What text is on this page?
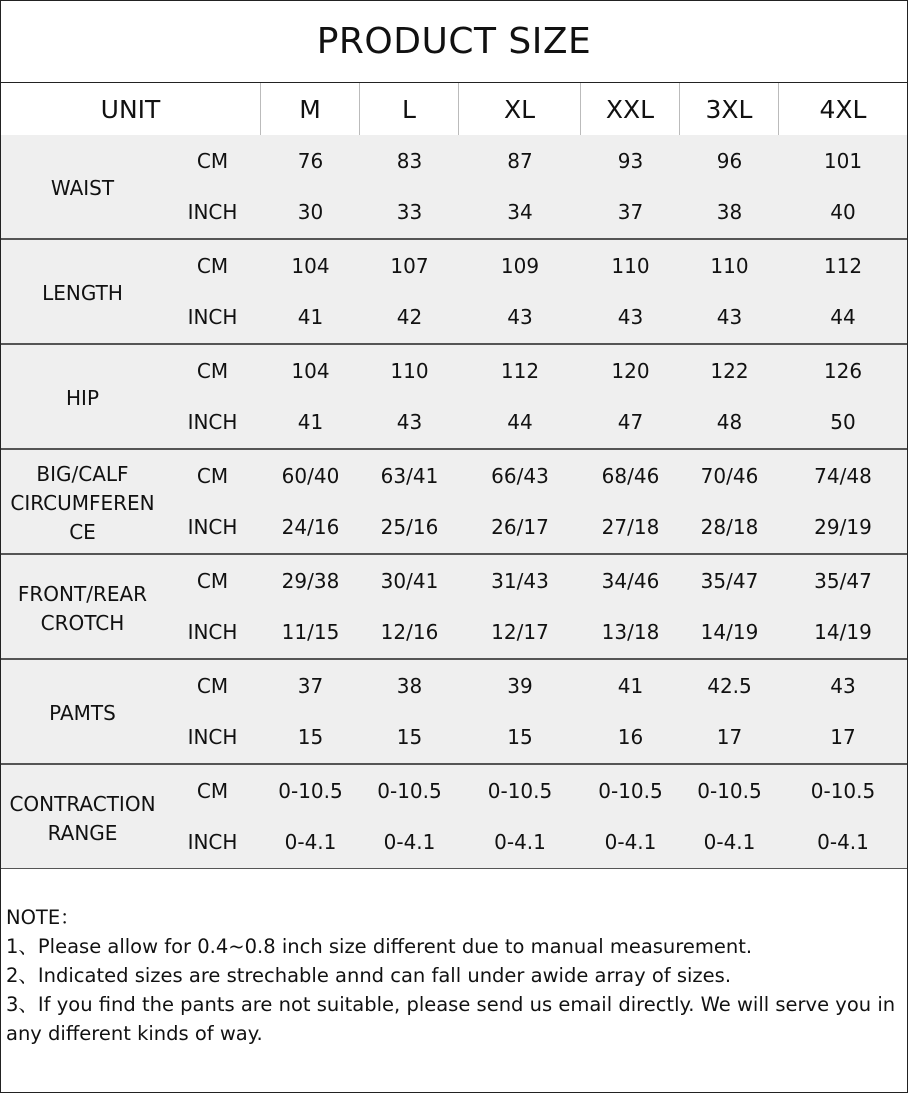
PRODUCT SIZE
UNIT	M	L	XL	XXL	3XL	4XL
WAIST
CM	76	83	87	93	96	101
INCH	30	33	34	37	38	40
LENGTH
CM	104	107	109	110	110	112
INCH	41	42	43	43	43	44
HIP
CM	104	110	112	120	122	126
INCH	41	43	44	47	48	50
BIG/CALF
CIRCUMFEREN
CE
CM	60/40	63/41	66/43	68/46	70/46	74/48
INCH	24/16	25/16	26/17	27/18	28/18	29/19
FRONT/REAR
CROTCH
CM	29/38	30/41	31/43	34/46	35/47	35/47
INCH	11/15	12/16	12/17	13/18	14/19	14/19
PAMTS
CM	37	38	39	41	42.5	43
INCH	15	15	15	16	17	17
CONTRACTION
RANGE
CM	0-10.5	0-10.5	0-10.5	0-10.5	0-10.5	0-10.5
INCH	0-4.1	0-4.1	0-4.1	0-4.1	0-4.1	0-4.1
NOTE：
1、Please allow for 0.4~0.8 inch size different due to manual measurement.
2、Indicated sizes are strechable annd can fall under awide array of sizes.
3、If you find the pants are not suitable, please send us email directly. We will serve you in any different kinds of way.
